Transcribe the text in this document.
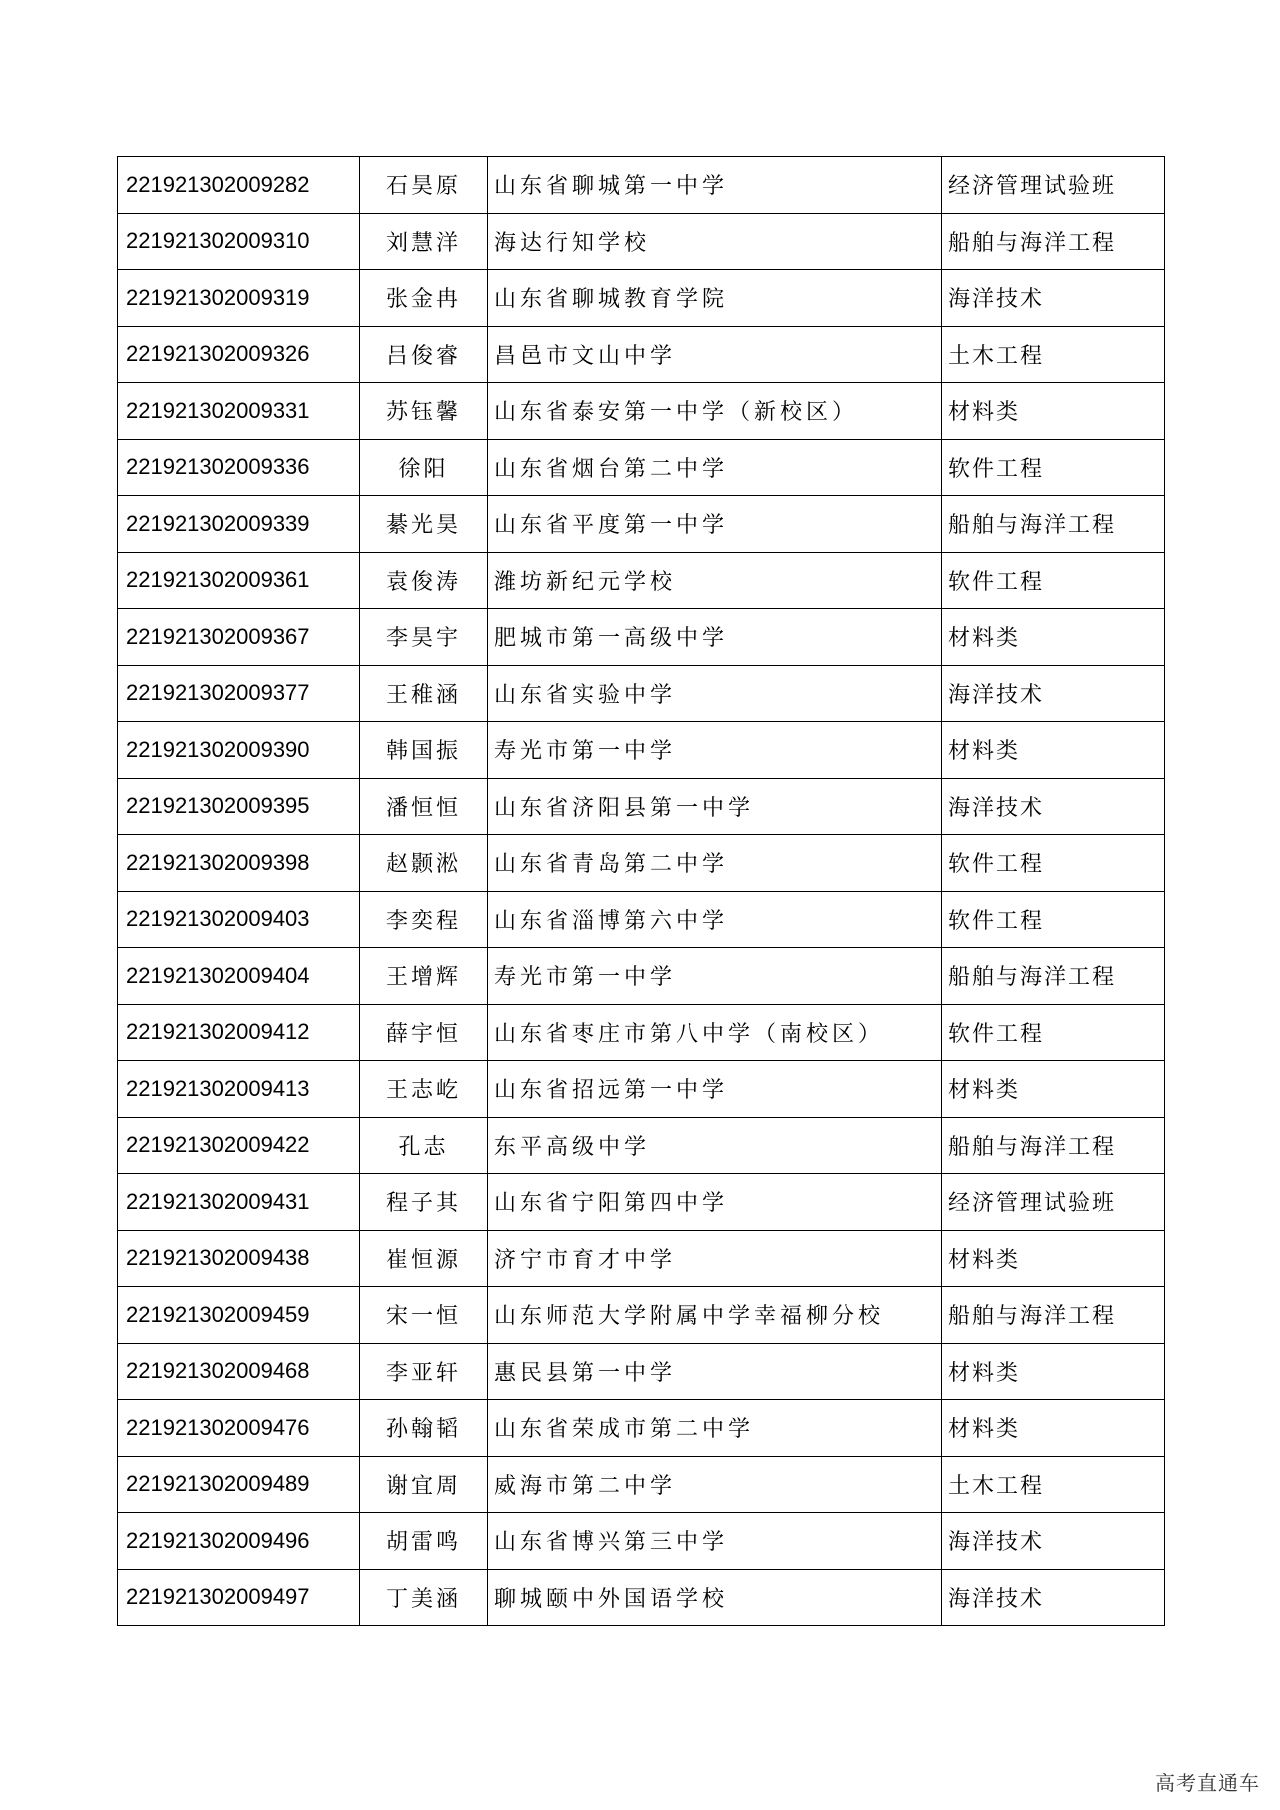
221921302009282	石昊原	山东省聊城第一中学	经济管理试验班
221921302009310	刘慧洋	海达行知学校	船舶与海洋工程
221921302009319	张金冉	山东省聊城教育学院	海洋技术
221921302009326	吕俊睿	昌邑市文山中学	土木工程
221921302009331	苏钰馨	山东省泰安第一中学（新校区）	材料类
221921302009336	徐阳	山东省烟台第二中学	软件工程
221921302009339	綦光昊	山东省平度第一中学	船舶与海洋工程
221921302009361	袁俊涛	潍坊新纪元学校	软件工程
221921302009367	李昊宇	肥城市第一高级中学	材料类
221921302009377	王稚涵	山东省实验中学	海洋技术
221921302009390	韩国振	寿光市第一中学	材料类
221921302009395	潘恒恒	山东省济阳县第一中学	海洋技术
221921302009398	赵颢淞	山东省青岛第二中学	软件工程
221921302009403	李奕程	山东省淄博第六中学	软件工程
221921302009404	王增辉	寿光市第一中学	船舶与海洋工程
221921302009412	薛宇恒	山东省枣庄市第八中学（南校区）	软件工程
221921302009413	王志屹	山东省招远第一中学	材料类
221921302009422	孔志	东平高级中学	船舶与海洋工程
221921302009431	程子其	山东省宁阳第四中学	经济管理试验班
221921302009438	崔恒源	济宁市育才中学	材料类
221921302009459	宋一恒	山东师范大学附属中学幸福柳分校	船舶与海洋工程
221921302009468	李亚轩	惠民县第一中学	材料类
221921302009476	孙翰韬	山东省荣成市第二中学	材料类
221921302009489	谢宜周	威海市第二中学	土木工程
221921302009496	胡雷鸣	山东省博兴第三中学	海洋技术
221921302009497	丁美涵	聊城颐中外国语学校	海洋技术
高考直通车
